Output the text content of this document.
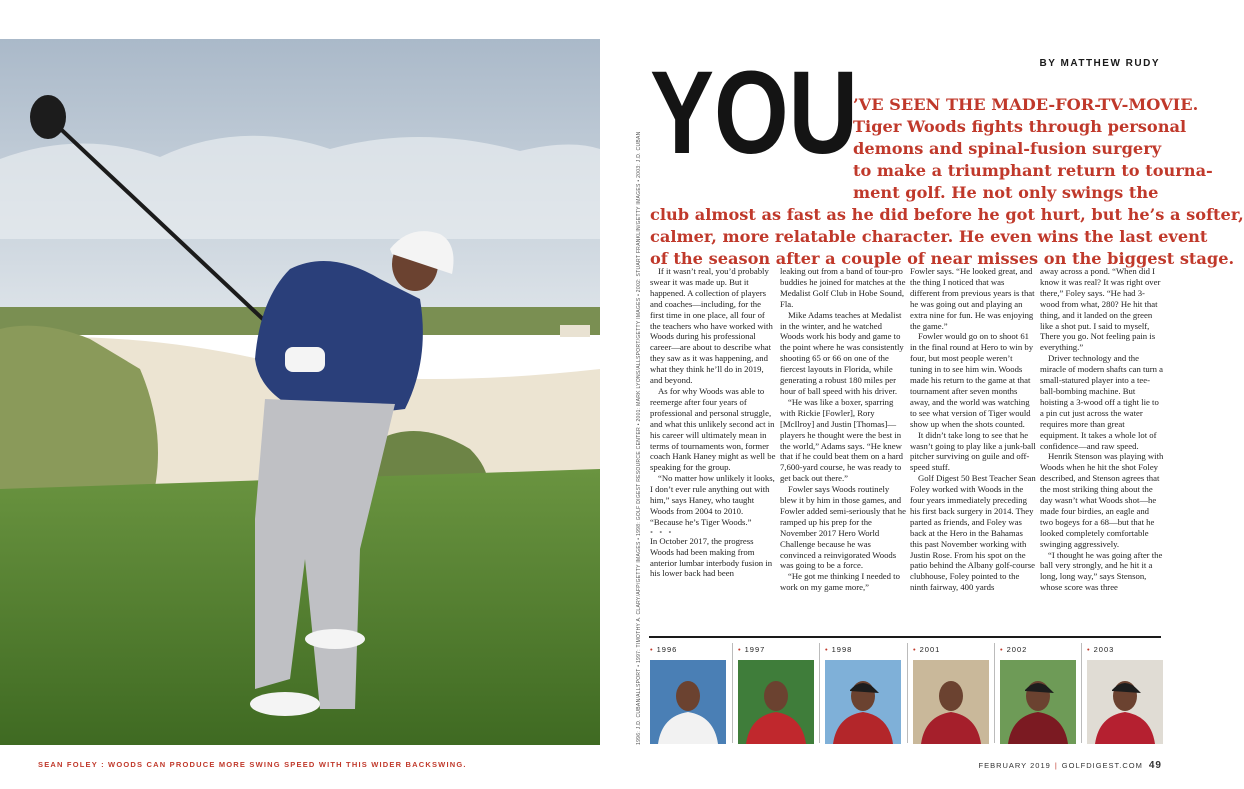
SEAN FOLEY : WOODS CAN PRODUCE MORE SWING SPEED WITH THIS WIDER BACKSWING.
1996: J.D. CUBAN/ALLSPORT • 1997: TIMOTHY A. CLARY/AFP/GETTY IMAGES • 1998: GOLF DIGEST RESOURCE CENTER • 2001: MARK LYONS/ALLSPORT/GETTY IMAGES • 2002: STUART FRANKLIN/GETTY IMAGES • 2003: J.D. CUBAN
YOU	BY MATTHEW RUDY
’VE SEEN THE MADE-FOR-TV-MOVIE.
Tiger Woods fights through personal
demons and spinal-fusion surgery
to make a triumphant return to tourna-
ment golf. He not only swings the
club almost as fast as he did before he got hurt, but he’s a softer,
calmer, more relatable character. He even wins the last event
of the season after a couple of near misses on the biggest stage.

If it wasn’t real, you’d probably swear it was made up. But it happened. A collection of players and coaches—including, for the first time in one place, all four of the teachers who have worked with Woods during his professional career—are about to describe what they saw as it was happening, and what they think he’ll do in 2019, and beyond.

As for why Woods was able to reemerge after four years of professional and personal struggle, and what this unlikely second act in his career will ultimately mean in terms of tournaments won, former coach Hank Haney might as well be speaking for the group.

“No matter how unlikely it looks, I don’t ever rule anything out with him,” says Haney, who taught Woods from 2004 to 2010. “Because he’s Tiger Woods.”

• • •

In October 2017, the progress Woods had been making from anterior lumbar interbody fusion in his lower back had been

leaking out from a band of tour-pro buddies he joined for matches at the Medalist Golf Club in Hobe Sound, Fla.

Mike Adams teaches at Medalist in the winter, and he watched Woods work his body and game to the point where he was consistently shooting 65 or 66 on one of the fiercest layouts in Florida, while generating a robust 180 miles per hour of ball speed with his driver.

“He was like a boxer, sparring with Rickie [Fowler], Rory [McIlroy] and Justin [Thomas]—players he thought were the best in the world,” Adams says. “He knew that if he could beat them on a hard 7,600-yard course, he was ready to get back out there.”

Fowler says Woods routinely blew it by him in those games, and Fowler added semi-seriously that he ramped up his prep for the November 2017 Hero World Challenge because he was convinced a reinvigorated Woods was going to be a force.

“He got me thinking I needed to work on my game more,”

Fowler says. “He looked great, and the thing I noticed that was different from previous years is that he was going out and playing an extra nine for fun. He was enjoying the game.”

Fowler would go on to shoot 61 in the final round at Hero to win by four, but most people weren’t tuning in to see him win. Woods made his return to the game at that tournament after seven months away, and the world was watching to see what version of Tiger would show up when the shots counted.

It didn’t take long to see that he wasn’t going to play like a junk-ball pitcher surviving on guile and off-speed stuff.

Golf Digest 50 Best Teacher Sean Foley worked with Woods in the four years immediately preceding his first back surgery in 2014. They parted as friends, and Foley was back at the Hero in the Bahamas this past November working with Justin Rose. From his spot on the patio behind the Albany golf-course clubhouse, Foley pointed to the ninth fairway, 400 yards

away across a pond. “When did I know it was real? It was right over there,” Foley says. “He had 3-wood from what, 280? He hit that thing, and it landed on the green like a shot put. I said to myself, There you go. Not feeling pain is everything.”

Driver technology and the miracle of modern shafts can turn a small-statured player into a tee-ball-bombing machine. But hoisting a 3-wood off a tight lie to a pin cut just across the water requires more than great equipment. It takes a whole lot of confidence—and raw speed.

Henrik Stenson was playing with Woods when he hit the shot Foley described, and Stenson agrees that the most striking thing about the day wasn’t what Woods shot—he made four birdies, an eagle and two bogeys for a 68—but that he looked completely comfortable swinging aggressively.

“I thought he was going after the ball very strongly, and he hit it a long, long way,” says Stenson, whose score was three

• 1996	• 1997	• 1998	• 2001	• 2002	• 2003
FEBRUARY 2019 | GOLFDIGEST.COM 49
